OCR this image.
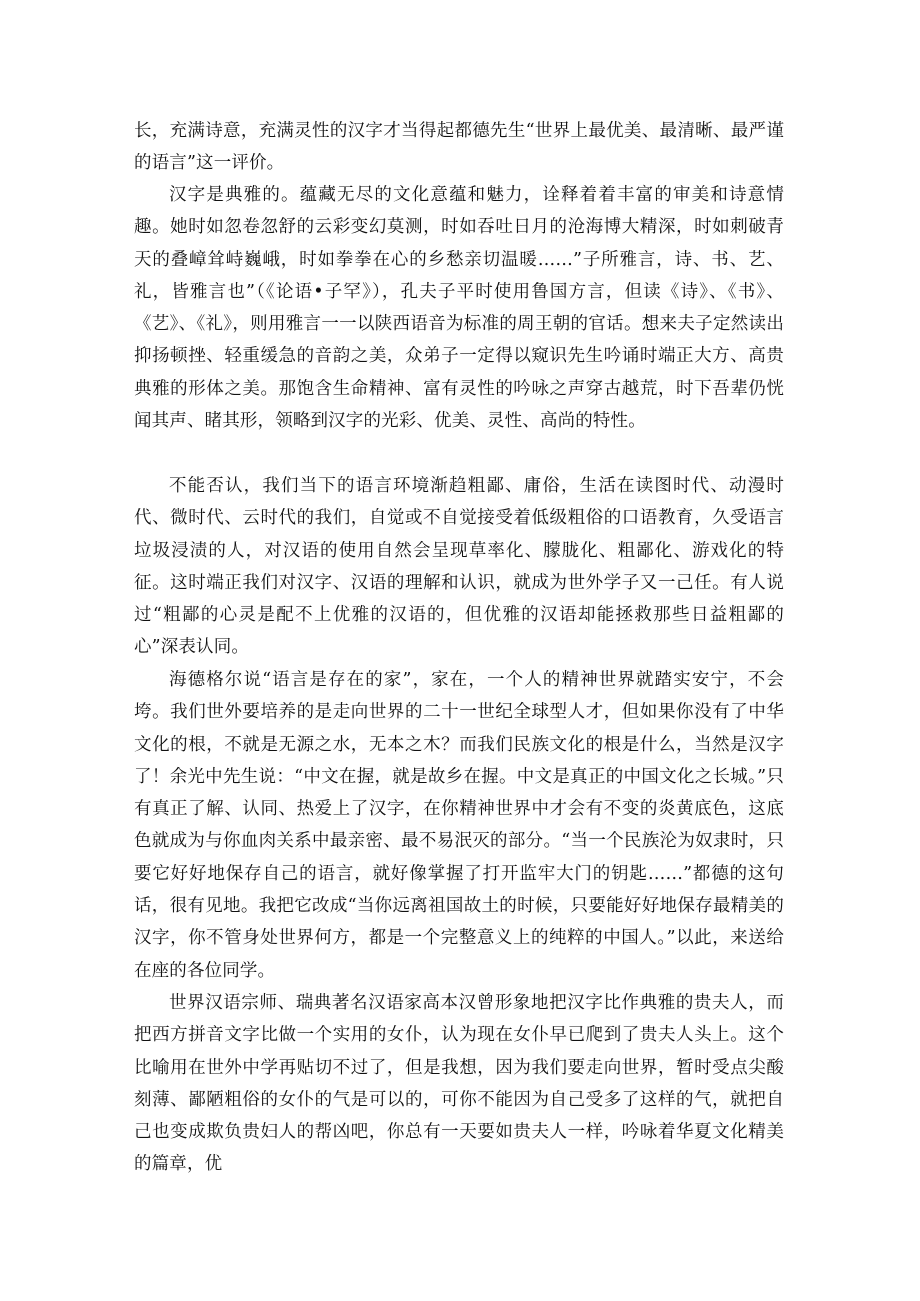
长，充满诗意，充满灵性的汉字才当得起都德先生“世界上最优美、最清晰、最严谨的语言”这一评价。

汉字是典雅的。蕴藏无尽的文化意蕴和魅力，诠释着着丰富的审美和诗意情趣。她时如忽卷忽舒的云彩变幻莫测，时如吞吐日月的沧海博大精深，时如刺破青天的叠嶂耸峙巍峨，时如拳拳在心的乡愁亲切温暖……”子所雅言，诗、书、艺、礼，皆雅言也”（《论语•子罕》），孔夫子平时使用鲁国方言，但读《诗》、《书》、《艺》、《礼》，则用雅言一一以陕西语音为标准的周王朝的官话。想来夫子定然读出抑扬顿挫、轻重缓急的音韵之美，众弟子一定得以窥识先生吟诵时端正大方、高贵典雅的形体之美。那饱含生命精神、富有灵性的吟咏之声穿古越荒，时下吾辈仍恍闻其声、睹其形，领略到汉字的光彩、优美、灵性、高尚的特性。

不能否认，我们当下的语言环境渐趋粗鄙、庸俗，生活在读图时代、动漫时代、微时代、云时代的我们，自觉或不自觉接受着低级粗俗的口语教育，久受语言垃圾浸渍的人，对汉语的使用自然会呈现草率化、朦胧化、粗鄙化、游戏化的特征。这时端正我们对汉字、汉语的理解和认识，就成为世外学子又一己任。有人说过“粗鄙的心灵是配不上优雅的汉语的，但优雅的汉语却能拯救那些日益粗鄙的心”深表认同。

海德格尔说“语言是存在的家”，家在，一个人的精神世界就踏实安宁，不会垮。我们世外要培养的是走向世界的二十一世纪全球型人才，但如果你没有了中华文化的根，不就是无源之水，无本之木？而我们民族文化的根是什么，当然是汉字了！余光中先生说：“中文在握，就是故乡在握。中文是真正的中国文化之长城。”只有真正了解、认同、热爱上了汉字，在你精神世界中才会有不变的炎黄底色，这底色就成为与你血肉关系中最亲密、最不易泯灭的部分。“当一个民族沦为奴隶时，只要它好好地保存自己的语言，就好像掌握了打开监牢大门的钥匙……”都德的这句话，很有见地。我把它改成“当你远离祖国故土的时候，只要能好好地保存最精美的汉字，你不管身处世界何方，都是一个完整意义上的纯粹的中国人。”以此，来送给在座的各位同学。

世界汉语宗师、瑞典著名汉语家高本汉曾形象地把汉字比作典雅的贵夫人，而把西方拼音文字比做一个实用的女仆，认为现在女仆早已爬到了贵夫人头上。这个比喻用在世外中学再贴切不过了，但是我想，因为我们要走向世界，暂时受点尖酸刻薄、鄙陋粗俗的女仆的气是可以的，可你不能因为自己受多了这样的气，就把自己也变成欺负贵妇人的帮凶吧，你总有一天要如贵夫人一样，吟咏着华夏文化精美的篇章，优
